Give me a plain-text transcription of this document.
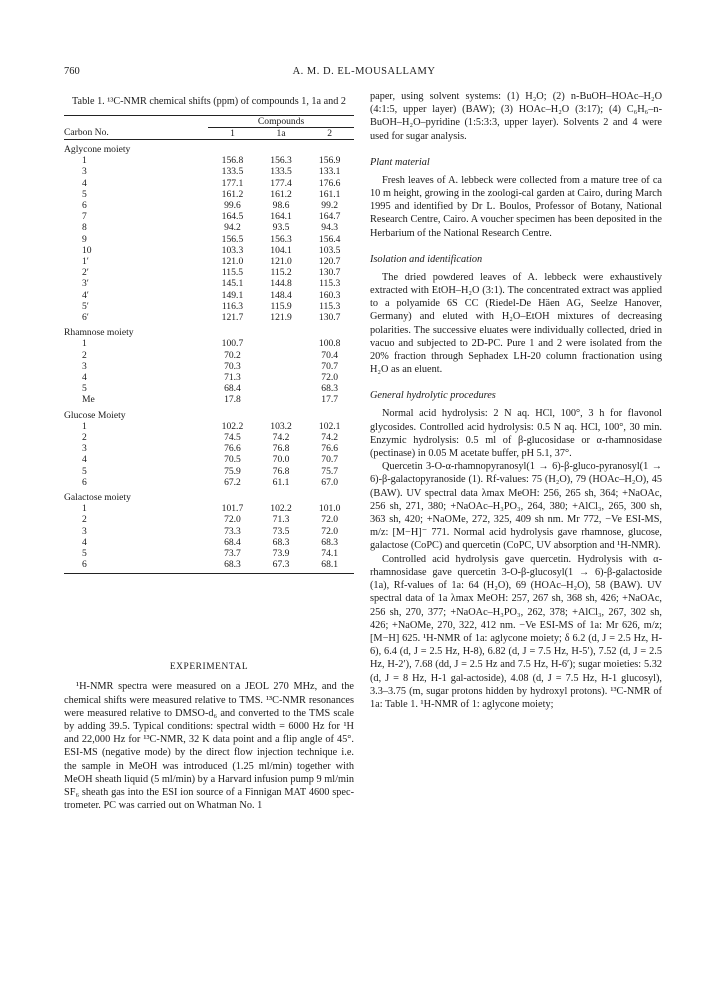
760	A. M. D. EL-MOUSALLAMY
Table 1. ¹³C-NMR chemical shifts (ppm) of compounds 1, 1a and 2
	Compounds		
Carbon No.	1	1a	2
Aglycone moiety			
1	156.8	156.3	156.9
3	133.5	133.5	133.1
4	177.1	177.4	176.6
5	161.2	161.2	161.1
6	99.6	98.6	99.2
7	164.5	164.1	164.7
8	94.2	93.5	94.3
9	156.5	156.3	156.4
10	103.3	104.1	103.5
1′	121.0	121.0	120.7
2′	115.5	115.2	130.7
3′	145.1	144.8	115.3
4′	149.1	148.4	160.3
5′	116.3	115.9	115.3
6′	121.7	121.9	130.7
Rhamnose moiety			
1	100.7		100.8
2	70.2		70.4
3	70.3		70.7
4	71.3		72.0
5	68.4		68.3
Me	17.8		17.7
Glucose Moiety			
1	102.2	103.2	102.1
2	74.5	74.2	74.2
3	76.6	76.8	76.6
4	70.5	70.0	70.7
5	75.9	76.8	75.7
6	67.2	61.1	67.0
Galactose moiety			
1	101.7	102.2	101.0
2	72.0	71.3	72.0
3	73.3	73.5	72.0
4	68.4	68.3	68.3
5	73.7	73.9	74.1
6	68.3	67.3	68.1
EXPERIMENTAL

¹H-NMR spectra were measured on a JEOL 270 MHz, and the chemical shifts were measured relative to TMS. ¹³C-NMR resonances were measured relative to DMSO-d₆ and converted to the TMS scale by adding 39.5. Typical conditions: spectral width = 6000 Hz for ¹H and 22,000 Hz for ¹³C-NMR, 32 K data point and a flip angle of 45°. ESI-MS (negative mode) by the direct flow injection technique i.e. the sample in MeOH was introduced (1.25 ml/min) together with MeOH sheath liquid (5 ml/min) by a Harvard infusion pump 9 ml/min SF₆ sheath gas into the ESI ion source of a Finnigan MAT 4600 spec-trometer. PC was carried out on Whatman No. 1

paper, using solvent systems: (1) H₂O; (2) n-BuOH–HOAc–H₂O (4:1:5, upper layer) (BAW); (3) HOAc–H₂O (3:17); (4) C₆H₆–n-BuOH–H₂O–pyridine (1:5:3:3, upper layer). Solvents 2 and 4 were used for sugar analysis.

Plant material

Fresh leaves of A. lebbeck were collected from a mature tree of ca 10 m height, growing in the zoologi-cal garden at Cairo, during March 1995 and identified by Dr L. Boulos, Professor of Botany, National Research Centre, Cairo. A voucher specimen has been deposited in the Herbarium of the National Research Centre.

Isolation and identification

The dried powdered leaves of A. lebbeck were exhaustively extracted with EtOH–H₂O (3:1). The concentrated extract was applied to a polyamide 6S CC (Riedel-De Häen AG, Seelze Hanover, Germany) and eluted with H₂O–EtOH mixtures of decreasing polarities. The successive eluates were individually collected, dried in vacuo and subjected to 2D-PC. Pure 1 and 2 were isolated from the 20% fraction through Sephadex LH-20 column fractionation using H₂O as an eluent.

General hydrolytic procedures

Normal acid hydrolysis: 2 N aq. HCl, 100°, 3 h for flavonol glycosides. Controlled acid hydrolysis: 0.5 N aq. HCl, 100°, 30 min. Enzymic hydrolysis: 0.5 ml of β-glucosidase or α-rhamnosidase (pectinase) in 0.05 M acetate buffer, pH 5.1, 37°.

Quercetin 3-O-α-rhamnopyranosyl(1 → 6)-β-gluco-pyranosyl(1 → 6)-β-galactopyranoside (1). Rf-values: 75 (H₂O), 79 (HOAc–H₂O), 45 (BAW). UV spectral data λmax MeOH: 256, 265 sh, 364; +NaOAc, 256 sh, 271, 380; +NaOAc–H₃PO₃, 264, 380; +AlCl₃, 265, 300 sh, 363 sh, 420; +NaOMe, 272, 325, 409 sh nm. Mr 772, −Ve ESI-MS, m/z: [M−H]⁻ 771. Normal acid hydrolysis gave rhamnose, glucose, galactose (CoPC) and quercetin (CoPC, UV absorption and ¹H-NMR).

Controlled acid hydrolysis gave quercetin. Hydrolysis with α-rhamnosidase gave quercetin 3-O-β-glucosyl(1 → 6)-β-galactoside (1a), Rf-values of 1a: 64 (H₂O), 69 (HOAc–H₂O), 58 (BAW). UV spectral data of 1a λmax MeOH: 257, 267 sh, 368 sh, 426; +NaOAc, 256 sh, 270, 377; +NaOAc–H₃PO₃, 262, 378; +AlCl₃, 267, 302 sh, 426; +NaOMe, 270, 322, 412 nm. −Ve ESI-MS of 1a: Mr 626, m/z; [M−H] 625. ¹H-NMR of 1a: aglycone moiety; δ 6.2 (d, J = 2.5 Hz, H-6), 6.4 (d, J = 2.5 Hz, H-8), 6.82 (d, J = 7.5 Hz, H-5′), 7.52 (d, J = 2.5 Hz, H-2′), 7.68 (dd, J = 2.5 Hz and 7.5 Hz, H-6′); sugar moieties: 5.32 (d, J = 8 Hz, H-1 gal-actoside), 4.08 (d, J = 7.5 Hz, H-1 glucosyl), 3.3–3.75 (m, sugar protons hidden by hydroxyl protons). ¹³C-NMR of 1a: Table 1. ¹H-NMR of 1: aglycone moiety;
